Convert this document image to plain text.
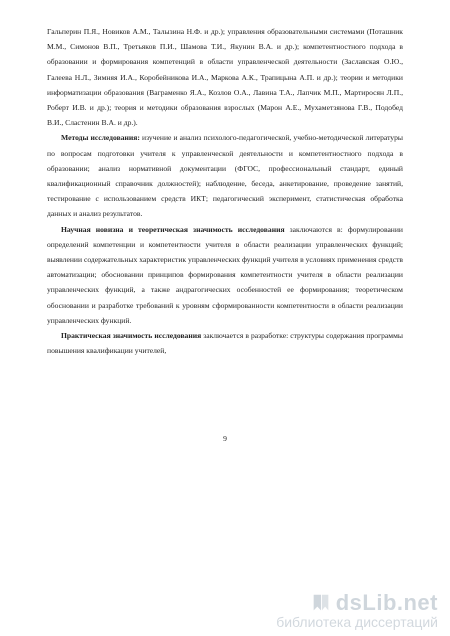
Гальперин П.Я., Новиков А.М., Талызина Н.Ф. и др.); управления образовательными системами (Поташник М.М., Симонов В.П., Третьяков П.И., Шамова Т.И., Якунин В.А. и др.); компетентностного подхода в образовании и формирования компетенций в области управленческой деятельности (Заславская О.Ю., Галеева Н.Л., Зимняя И.А., Коробейникова И.А., Маркова А.К., Трапицына А.П. и др.); теории и методики информатизации образования (Ваграменко Я.А., Козлов О.А., Лавина Т.А., Лапчик М.П., Мартиросян Л.П., Роберт И.В. и др.); теория и методики образования взрослых (Марон А.Е., Мухаметзянова Г.В., Подобед В.И., Сластенин В.А. и др.).

Методы исследования: изучение и анализ психолого-педагогической, учебно-методической литературы по вопросам подготовки учителя к управленческой деятельности и компетентностного подхода в образовании; анализ нормативной документации (ФГОС, профессиональный стандарт, единый квалификационный справочник должностей); наблюдение, беседа, анкетирование, проведение занятий, тестирование с использованием средств ИКТ; педагогический эксперимент, статистическая обработка данных и анализ результатов.

Научная новизна и теоретическая значимость исследования заключаются в: формулировании определений компетенции и компетентности учителя в области реализации управленческих функций; выявлении содержательных характеристик управленческих функций учителя в условиях применения средств автоматизации; обосновании принципов формирования компетентности учителя в области реализации управленческих функций, а также андрагогических особенностей ее формирования; теоретическом обосновании и разработке требований к уровням сформированности компетентности в области реализации управленческих функций.

Практическая значимость исследования заключается в разработке: структуры содержания программы повышения квалификации учителей,

9
dsLib.net
библиотека диссертаций
